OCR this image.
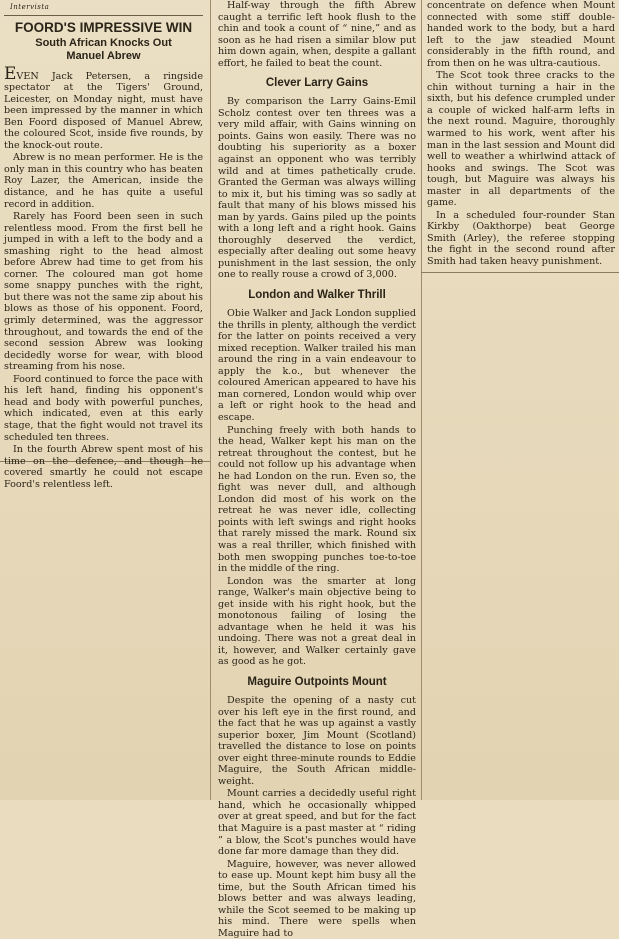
Intervista
FOORD'S IMPRESSIVE WIN
South African Knocks Out
Manuel Abrew

EVEN Jack Petersen, a ringside spectator at the Tigers' Ground, Leicester, on Monday night, must have been impressed by the manner in which Ben Foord disposed of Manuel Abrew, the coloured Scot, inside five rounds, by the knock-out route.

Abrew is no mean performer. He is the only man in this country who has beaten Roy Lazer, the American, inside the distance, and he has quite a useful record in addition.

Rarely has Foord been seen in such relentless mood. From the first bell he jumped in with a left to the body and a smashing right to the head almost before Abrew had time to get from his corner. The coloured man got home some snappy punches with the right, but there was not the same zip about his blows as those of his opponent. Foord, grimly determined, was the aggressor throughout, and towards the end of the second session Abrew was looking decidedly worse for wear, with blood streaming from his nose.

Foord continued to force the pace with his left hand, finding his opponent's head and body with powerful punches, which indicated, even at this early stage, that the fight would not travel its scheduled ten threes.

In the fourth Abrew spent most of his time on the defence, and though he covered smartly he could not escape Foord's relentless left.

Half-way through the fifth Abrew caught a terrific left hook flush to the chin and took a count of “ nine,” and as soon as he had risen a similar blow put him down again, when, despite a gallant effort, he failed to beat the count.

Clever Larry Gains

By comparison the Larry Gains-Emil Scholz contest over ten threes was a very mild affair, with Gains winning on points. Gains won easily. There was no doubting his superiority as a boxer against an opponent who was terribly wild and at times pathetically crude. Granted the German was always willing to mix it, but his timing was so sadly at fault that many of his blows missed his man by yards. Gains piled up the points with a long left and a right hook. Gains thoroughly deserved the verdict, especially after dealing out some heavy punishment in the last session, the only one to really rouse a crowd of 3,000.

London and Walker Thrill

Obie Walker and Jack London supplied the thrills in plenty, although the verdict for the latter on points received a very mixed reception. Walker trailed his man around the ring in a vain endeavour to apply the k.o., but whenever the coloured American appeared to have his man cornered, London would whip over a left or right hook to the head and escape.

Punching freely with both hands to the head, Walker kept his man on the retreat throughout the contest, but he could not follow up his advantage when he had London on the run. Even so, the fight was never dull, and although London did most of his work on the retreat he was never idle, collecting points with left swings and right hooks that rarely missed the mark. Round six was a real thriller, which finished with both men swopping punches toe-to-toe in the middle of the ring.

London was the smarter at long range, Walker's main objective being to get inside with his right hook, but the monotonous failing of losing the advantage when he held it was his undoing. There was not a great deal in it, however, and Walker certainly gave as good as he got.

Maguire Outpoints Mount

Despite the opening of a nasty cut over his left eye in the first round, and the fact that he was up against a vastly superior boxer, Jim Mount (Scotland) travelled the distance to lose on points over eight three-minute rounds to Eddie Maguire, the South African middle-weight.

Mount carries a decidedly useful right hand, which he occasionally whipped over at great speed, and but for the fact that Maguire is a past master at “ riding ” a blow, the Scot's punches would have done far more damage than they did.

Maguire, however, was never allowed to ease up. Mount kept him busy all the time, but the South African timed his blows better and was always leading, while the Scot seemed to be making up his mind. There were spells when Maguire had to

concentrate on defence when Mount connected with some stiff double-handed work to the body, but a hard left to the jaw steadied Mount considerably in the fifth round, and from then on he was ultra-cautious.

The Scot took three cracks to the chin without turning a hair in the sixth, but his defence crumpled under a couple of wicked half-arm lefts in the next round. Maguire, thoroughly warmed to his work, went after his man in the last session and Mount did well to weather a whirlwind attack of hooks and swings. The Scot was tough, but Maguire was always his master in all departments of the game.

In a scheduled four-rounder Stan Kirkby (Oakthorpe) beat George Smith (Arley), the referee stopping the fight in the second round after Smith had taken heavy punishment.
